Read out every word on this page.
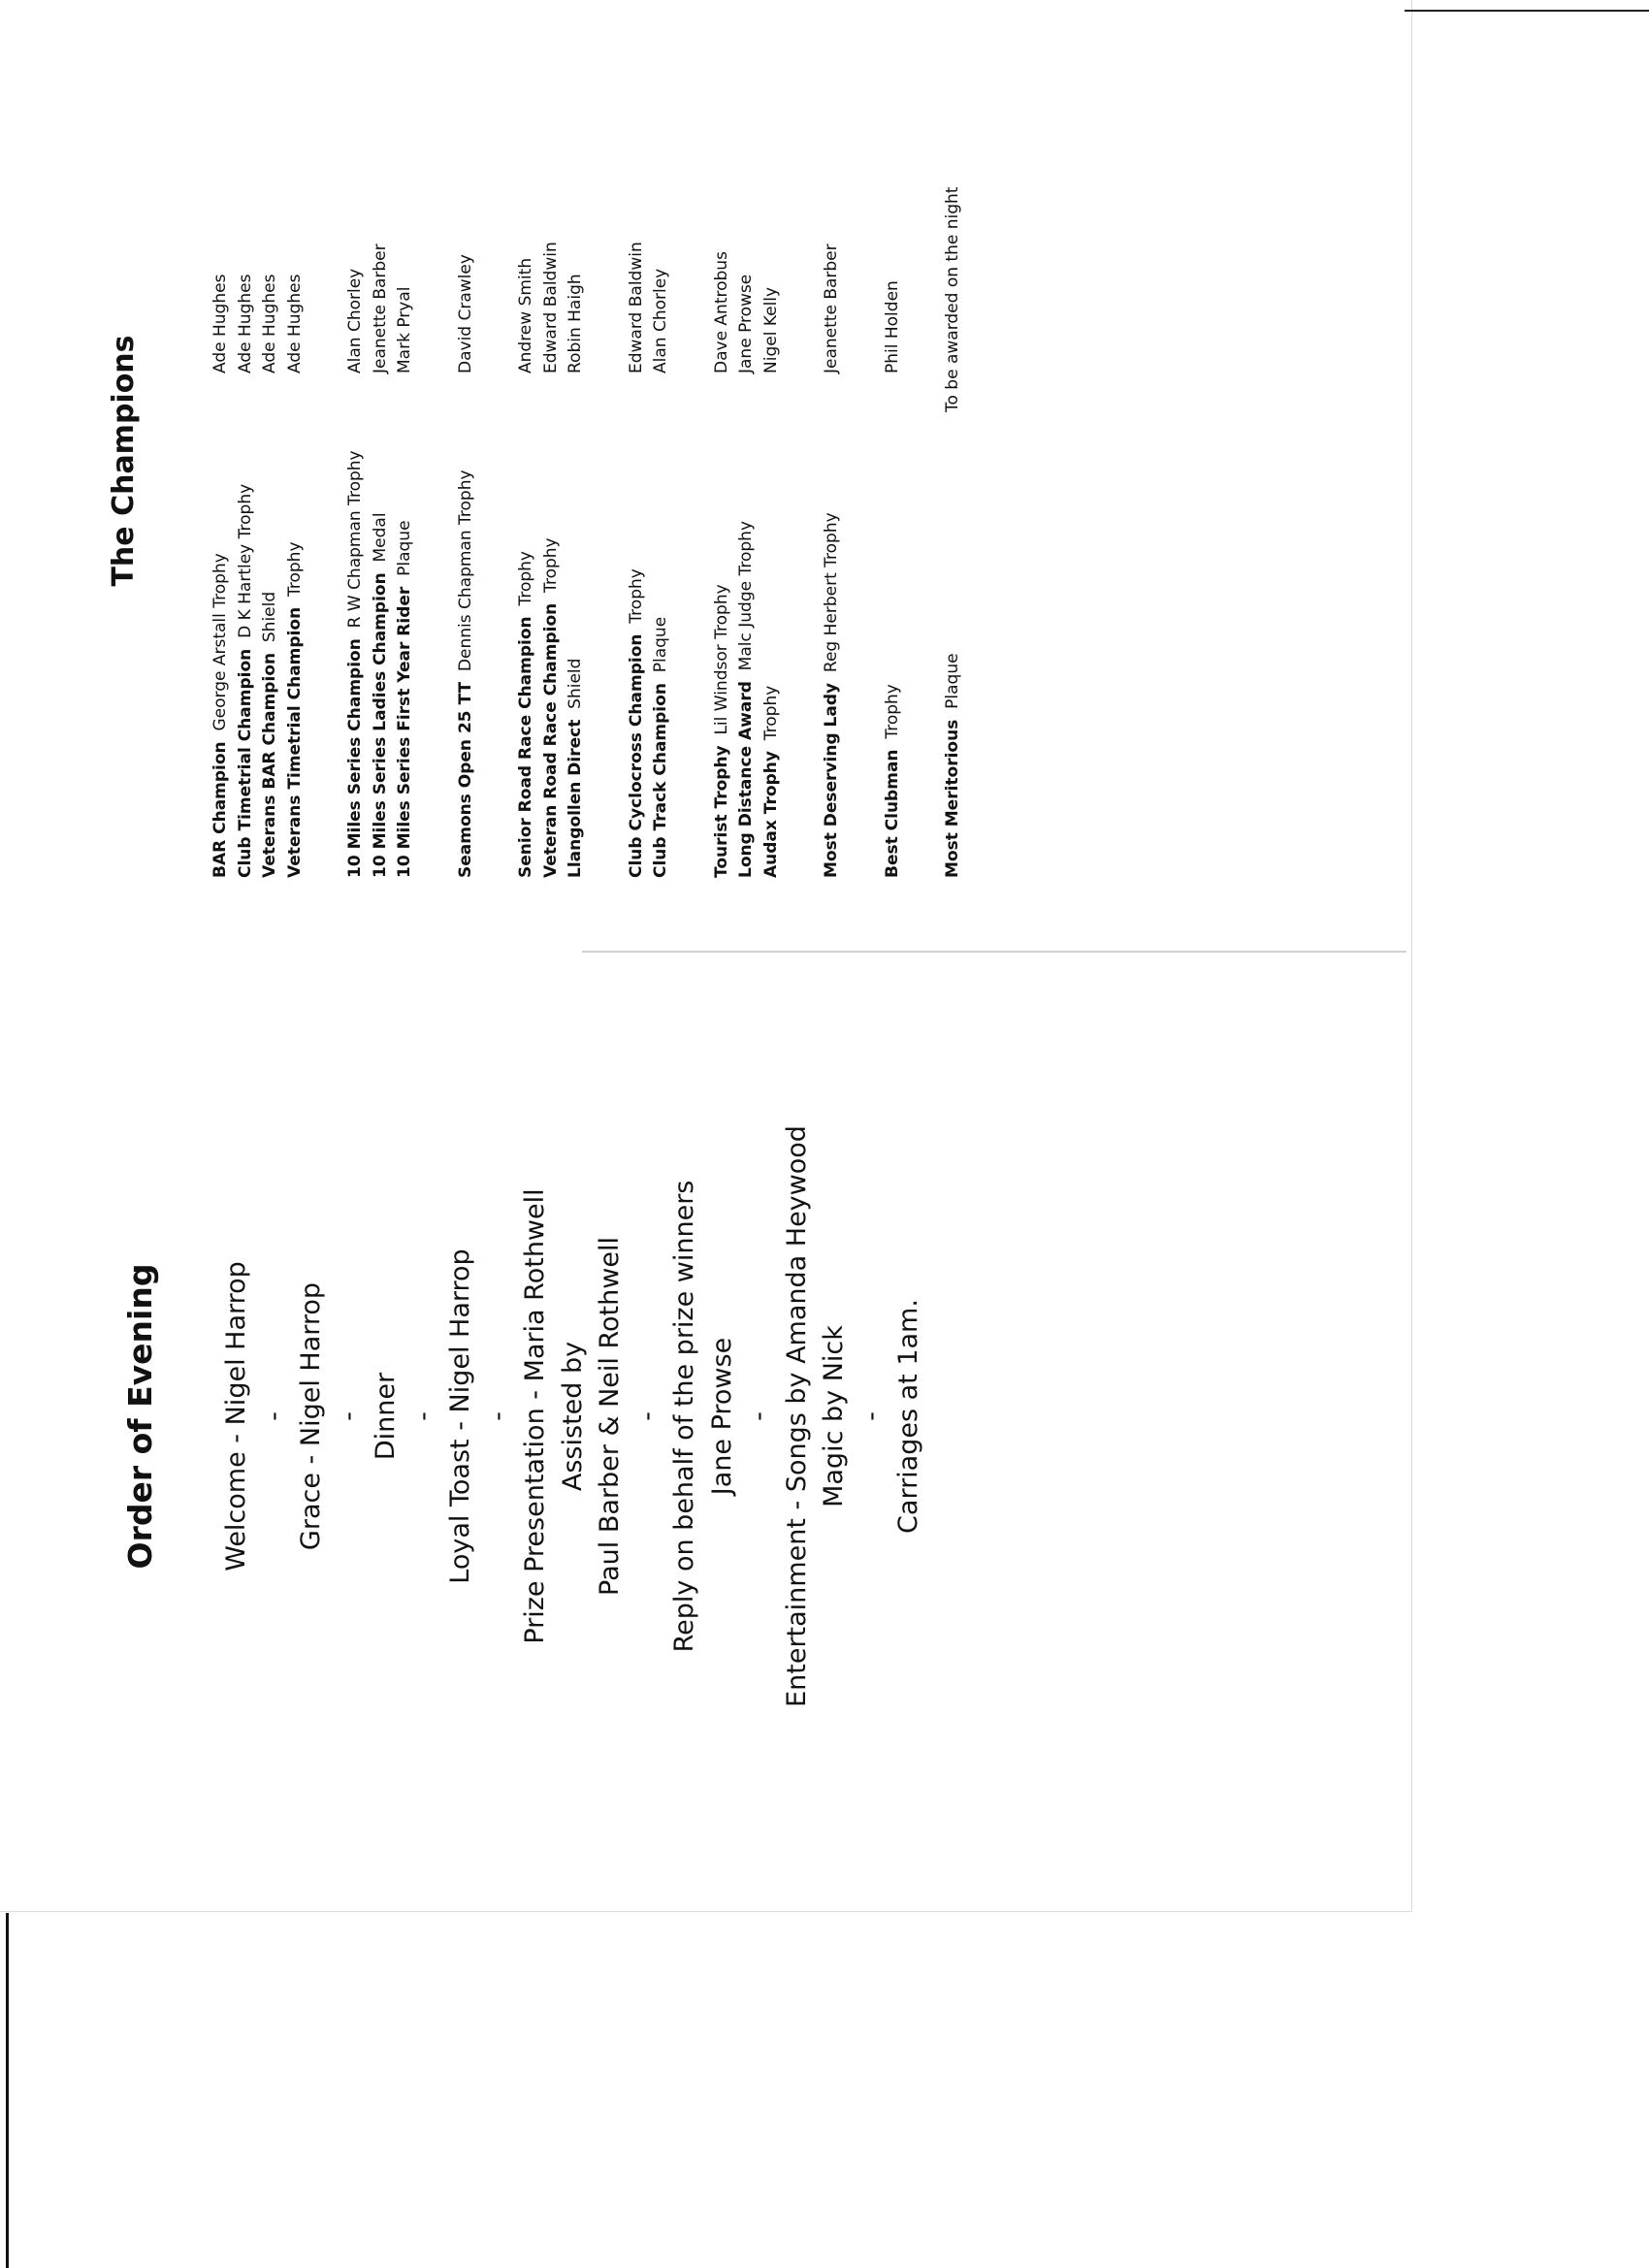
Order of Evening Welcome - Nigel Harrop - Grace - Nigel Harrop - Dinner - Loyal Toast - Nigel Harrop - Prize Presentation - Maria Rothwell Assisted by Paul Barber & Neil Rothwell - Reply on behalf of the prize winners Jane Prowse - Entertainment - Songs by Amanda Heywood Magic by Nick - Carriages at 1am.
The Champions
BAR Champion  George Arstall Trophy
Ade Hughes
Club Timetrial Champion  D K Hartley Trophy
Ade Hughes
Veterans BAR Champion  Shield
Ade Hughes
Veterans Timetrial Champion  Trophy
Ade Hughes
10 Miles Series Champion  R W Chapman Trophy
Alan Chorley
10 Miles Series Ladies Champion  Medal
Jeanette Barber
10 Miles Series First Year Rider  Plaque
Mark Pryal
Seamons Open 25 TT  Dennis Chapman Trophy
David Crawley
Senior Road Race Champion  Trophy
Andrew Smith
Veteran Road Race Champion  Trophy
Edward Baldwin
Llangollen Direct  Shield
Robin Haigh
Club Cyclocross Champion  Trophy
Edward Baldwin
Club Track Champion  Plaque
Alan Chorley
Tourist Trophy  Lil Windsor Trophy
Dave Antrobus
Long Distance Award  Malc Judge Trophy
Jane Prowse
Audax Trophy  Trophy
Nigel Kelly
Most Deserving Lady  Reg Herbert Trophy
Jeanette Barber
Best Clubman  Trophy
Phil Holden
Most Meritorious  Plaque
To be awarded on the night
